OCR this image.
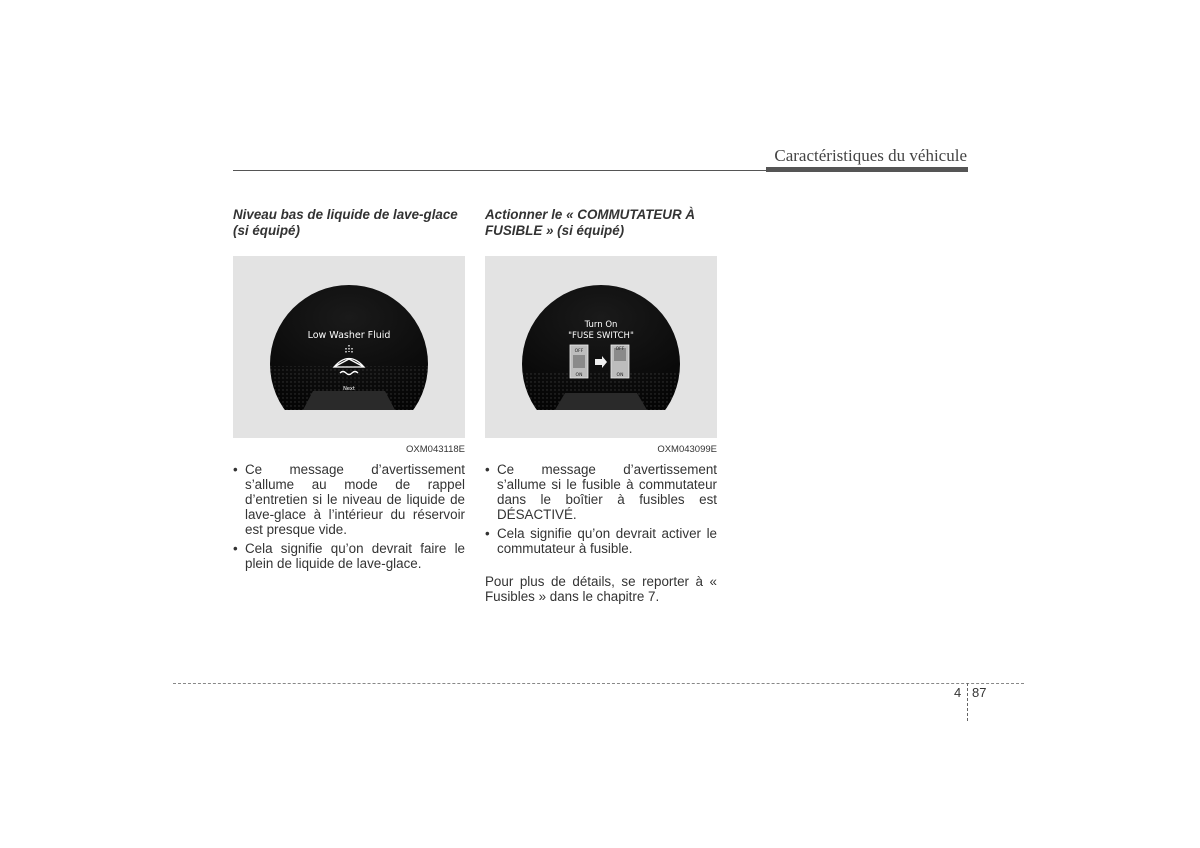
Caractéristiques du véhicule
Niveau bas de liquide de lave-glace (si équipé)
Low Washer Fluid
Next
OXM043118E
• Ce message d’avertissement s’allume au mode de rappel d’entretien si le niveau de liquide de lave-glace à l’intérieur du réservoir est presque vide.
• Cela signifie qu’on devrait faire le plein de liquide de lave-glace.
Actionner le « COMMUTATEUR À FUSIBLE » (si équipé)
Turn On
"FUSE SWITCH"
OFF
ON
OFF
ON
OXM043099E
• Ce message d’avertissement s’allume si le fusible à commutateur dans le boîtier à fusibles est DÉSACTIVÉ.
• Cela signifie qu’on devrait activer le commutateur à fusible.
Pour plus de détails, se reporter à « Fusibles » dans le chapitre 7.
4 87
